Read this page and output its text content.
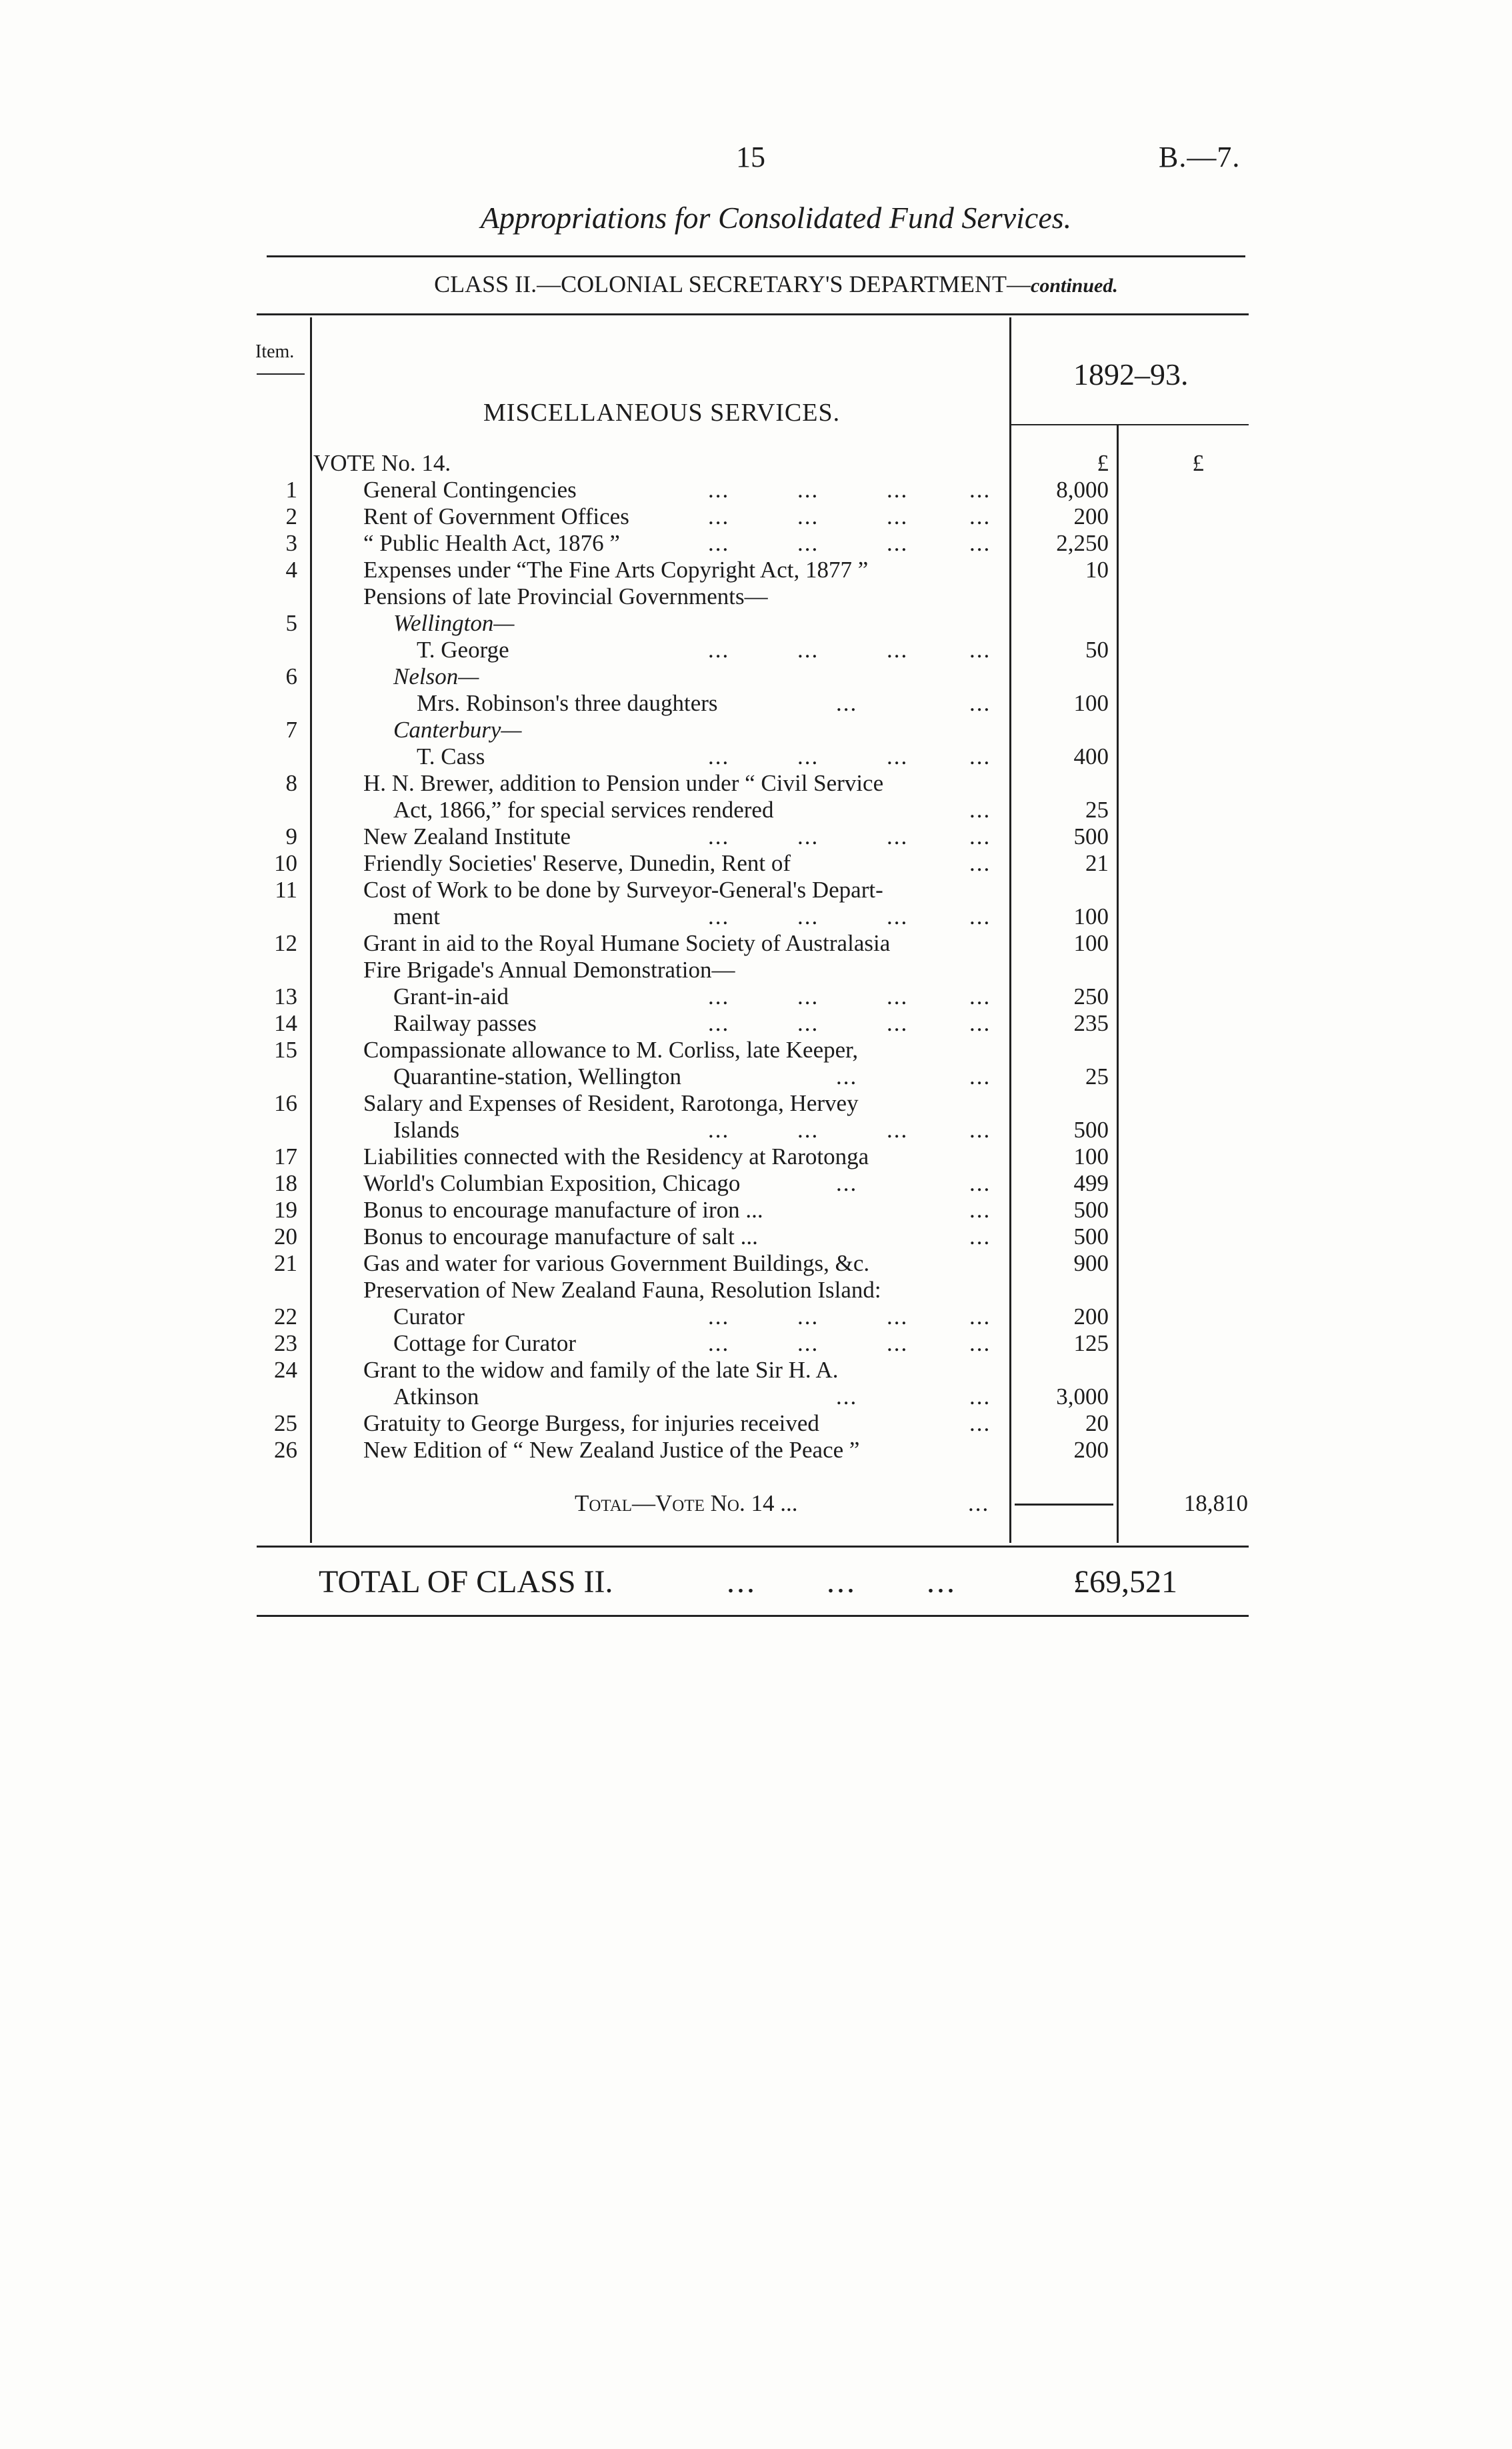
15	B.—7.
Appropriations for Consolidated Fund Services.
CLASS II.—COLONIAL SECRETARY'S DEPARTMENT—continued.
Item.
1892–93.
MISCELLANEOUS SERVICES.
VOTE No. 14.	£	£
1	General Contingencies	...	...	...	...	8,000
2	Rent of Government Offices	...	...	...	...	200
3	“ Public Health Act, 1876 ”	...	...	...	...	2,250
4	Expenses under “The Fine Arts Copyright Act, 1877 ”	10
Pensions of late Provincial Governments—
5	Wellington—
T. George	...	...	...	...	50
6	Nelson—
Mrs. Robinson's three daughters	...	...	100
7	Canterbury—
T. Cass	...	...	...	...	400
8	H. N. Brewer, addition to Pension under “ Civil Service
Act, 1866,” for special services rendered	...	25
9	New Zealand Institute	...	...	...	...	500
10	Friendly Societies' Reserve, Dunedin, Rent of	...	21
11	Cost of Work to be done by Surveyor-General's Depart-
ment	...	...	...	...	100
12	Grant in aid to the Royal Humane Society of Australasia	100
Fire Brigade's Annual Demonstration—
13	Grant-in-aid	...	...	...	...	250
14	Railway passes	...	...	...	...	235
15	Compassionate allowance to M. Corliss, late Keeper,
Quarantine-station, Wellington	...	...	25
16	Salary and Expenses of Resident, Rarotonga, Hervey
Islands	...	...	...	...	500
17	Liabilities connected with the Residency at Rarotonga	100
18	World's Columbian Exposition, Chicago	...	...	499
19	Bonus to encourage manufacture of iron ...	...	500
20	Bonus to encourage manufacture of salt ...	...	500
21	Gas and water for various Government Buildings, &c.	900
Preservation of New Zealand Fauna, Resolution Island:
22	Curator	...	...	...	...	200
23	Cottage for Curator	...	...	...	...	125
24	Grant to the widow and family of the late Sir H. A.
Atkinson	...	...	3,000
25	Gratuity to George Burgess, for injuries received	...	20
26	New Edition of “ New Zealand Justice of the Peace ”	200
Total—Vote No. 14 ...	...	18,810
TOTAL OF CLASS II.	...       ...       ...	£69,521
